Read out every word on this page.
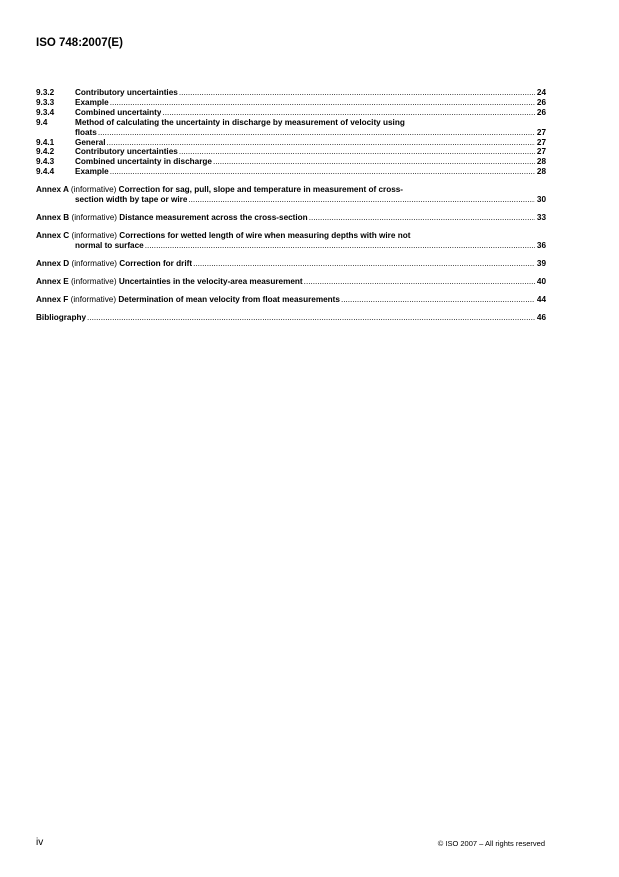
ISO 748:2007(E)
9.3.2	Contributory uncertainties .....	24
9.3.3	Example .....	26
9.3.4	Combined uncertainty .....	26
9.4	Method of calculating the uncertainty in discharge by measurement of velocity using
floats .....	27
9.4.1	General .....	27
9.4.2	Contributory uncertainties .....	27
9.4.3	Combined uncertainty in discharge .....	28
9.4.4	Example .....	28
Annex A (informative) Correction for sag, pull, slope and temperature in measurement of cross-
section width by tape or wire .....	30
Annex B (informative) Distance measurement across the cross-section .....	33
Annex C (informative) Corrections for wetted length of wire when measuring depths with wire not
normal to surface .....	36
Annex D (informative) Correction for drift .....	39
Annex E (informative) Uncertainties in the velocity-area measurement .....	40
Annex F (informative) Determination of mean velocity from float measurements .....	44
Bibliography .....	46
iv	© ISO 2007 – All rights reserved
